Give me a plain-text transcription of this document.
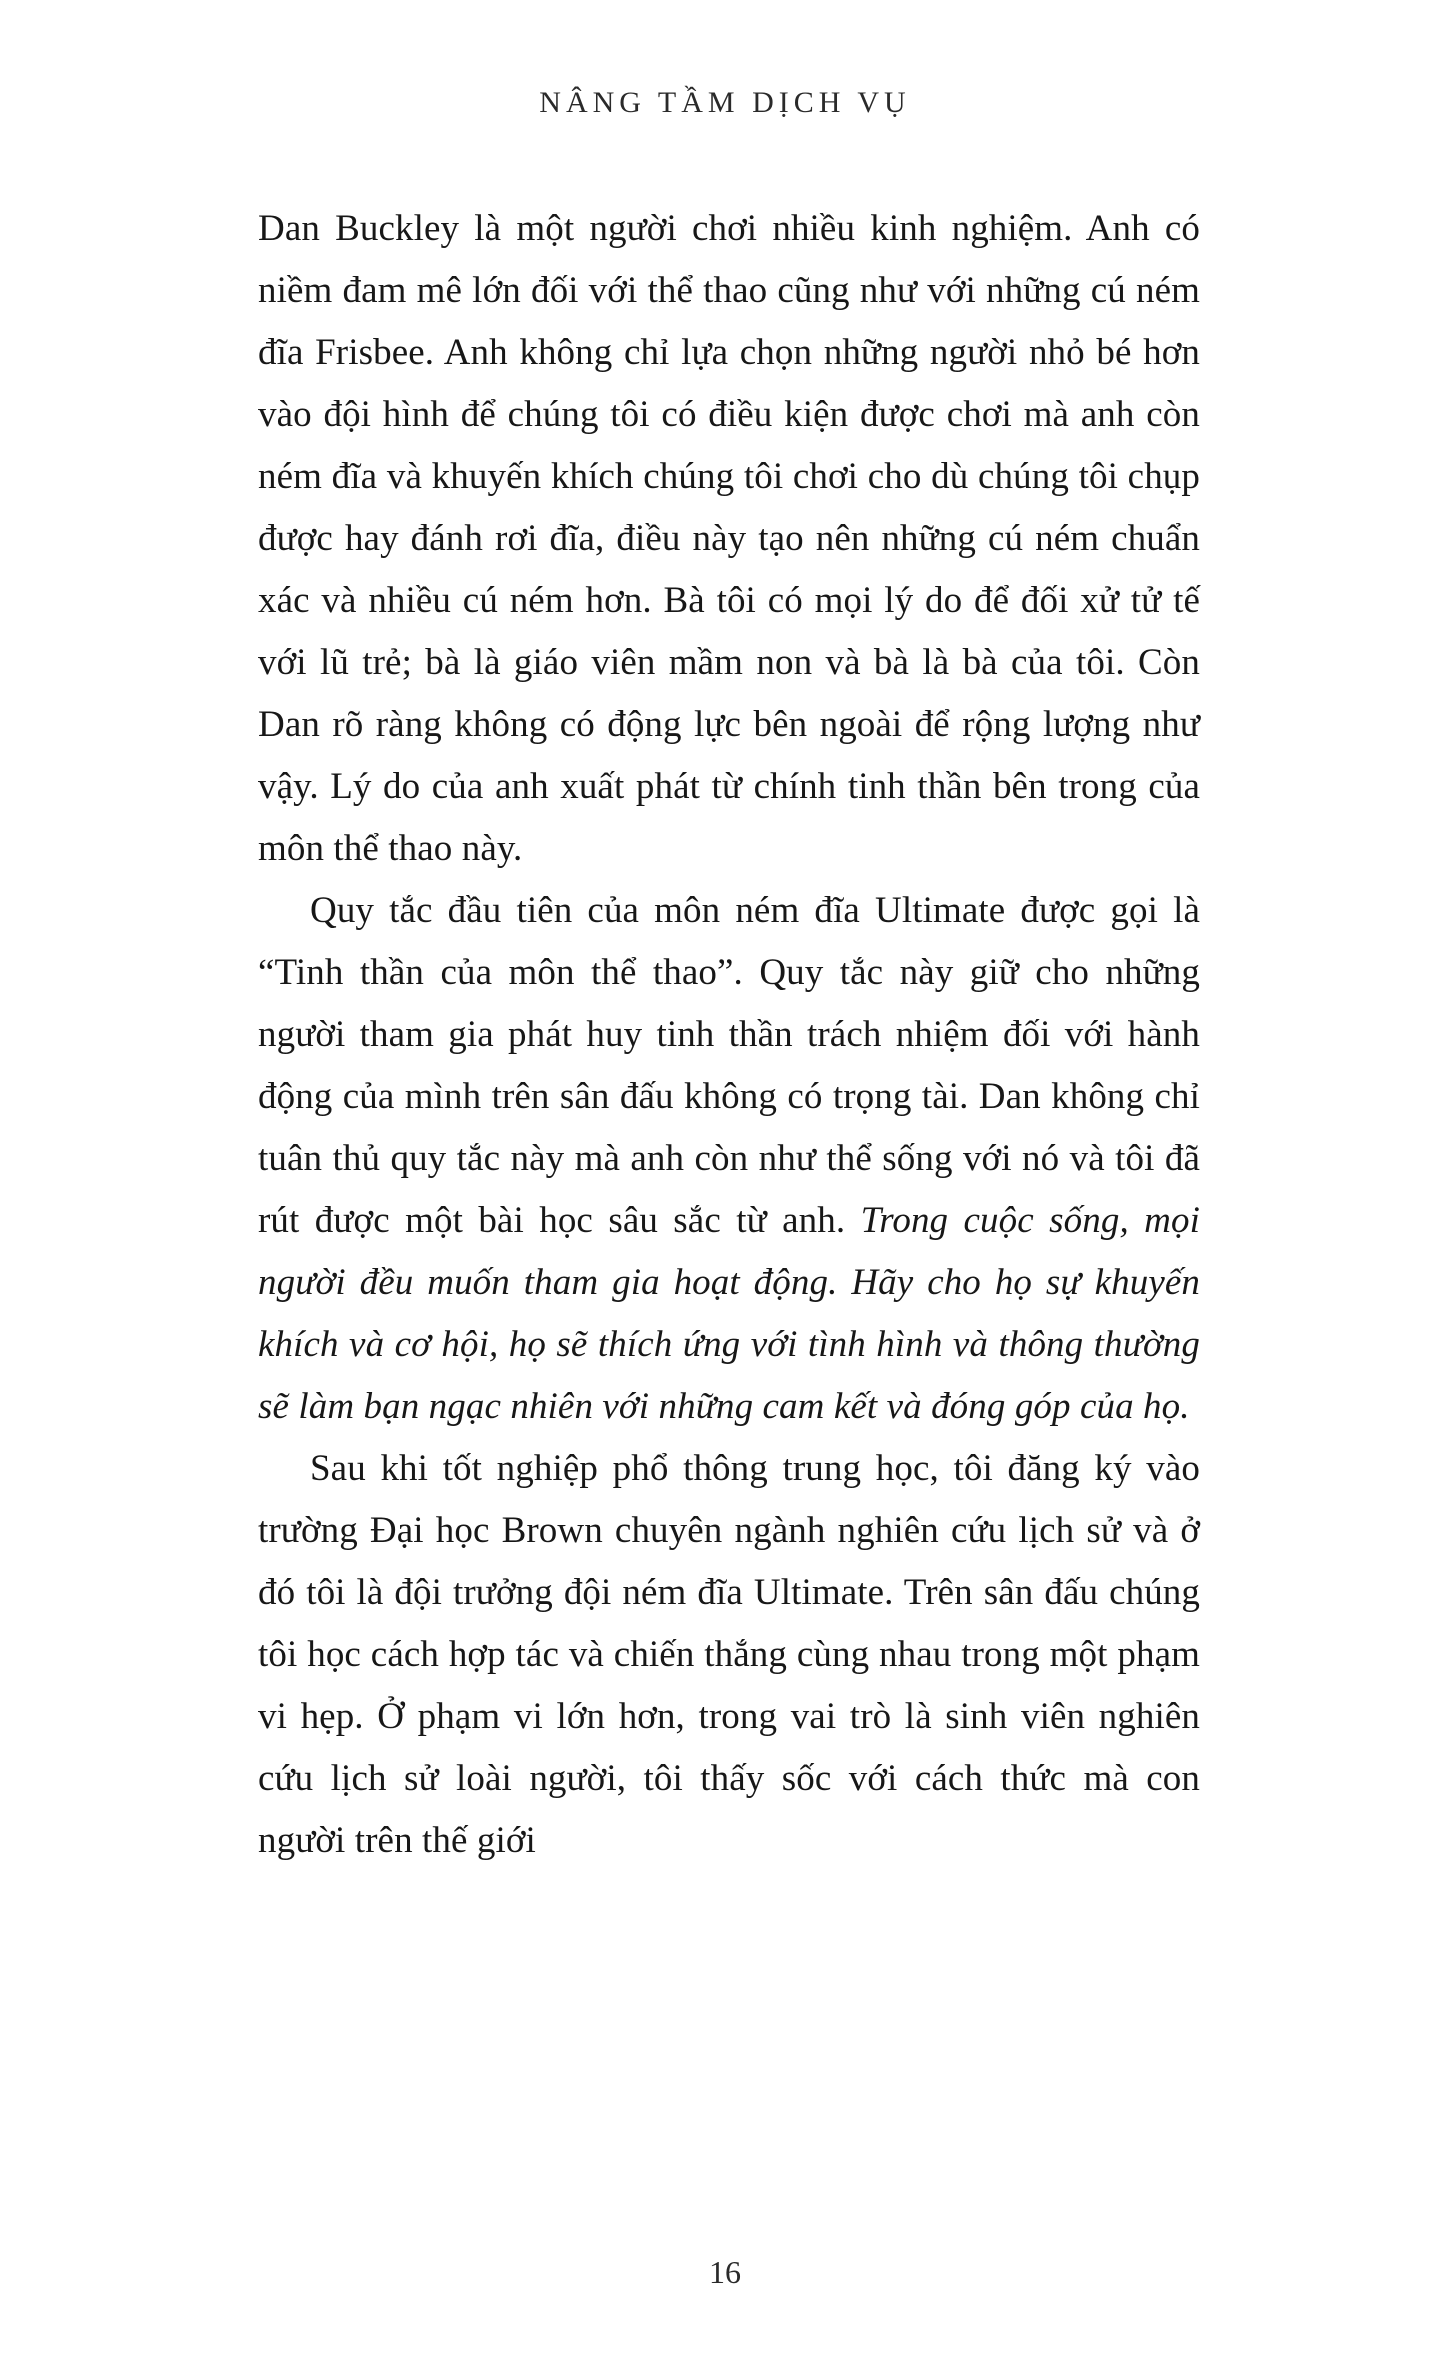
NÂNG TẦM DỊCH VỤ

Dan Buckley là một người chơi nhiều kinh nghiệm. Anh có niềm đam mê lớn đối với thể thao cũng như với những cú ném đĩa Frisbee. Anh không chỉ lựa chọn những người nhỏ bé hơn vào đội hình để chúng tôi có điều kiện được chơi mà anh còn ném đĩa và khuyến khích chúng tôi chơi cho dù chúng tôi chụp được hay đánh rơi đĩa, điều này tạo nên những cú ném chuẩn xác và nhiều cú ném hơn. Bà tôi có mọi lý do để đối xử tử tế với lũ trẻ; bà là giáo viên mầm non và bà là bà của tôi. Còn Dan rõ ràng không có động lực bên ngoài để rộng lượng như vậy. Lý do của anh xuất phát từ chính tinh thần bên trong của môn thể thao này.

Quy tắc đầu tiên của môn ném đĩa Ultimate được gọi là “Tinh thần của môn thể thao”. Quy tắc này giữ cho những người tham gia phát huy tinh thần trách nhiệm đối với hành động của mình trên sân đấu không có trọng tài. Dan không chỉ tuân thủ quy tắc này mà anh còn như thể sống với nó và tôi đã rút được một bài học sâu sắc từ anh. Trong cuộc sống, mọi người đều muốn tham gia hoạt động. Hãy cho họ sự khuyến khích và cơ hội, họ sẽ thích ứng với tình hình và thông thường sẽ làm bạn ngạc nhiên với những cam kết và đóng góp của họ.

Sau khi tốt nghiệp phổ thông trung học, tôi đăng ký vào trường Đại học Brown chuyên ngành nghiên cứu lịch sử và ở đó tôi là đội trưởng đội ném đĩa Ultimate. Trên sân đấu chúng tôi học cách hợp tác và chiến thắng cùng nhau trong một phạm vi hẹp. Ở phạm vi lớn hơn, trong vai trò là sinh viên nghiên cứu lịch sử loài người, tôi thấy sốc với cách thức mà con người trên thế giới

16
